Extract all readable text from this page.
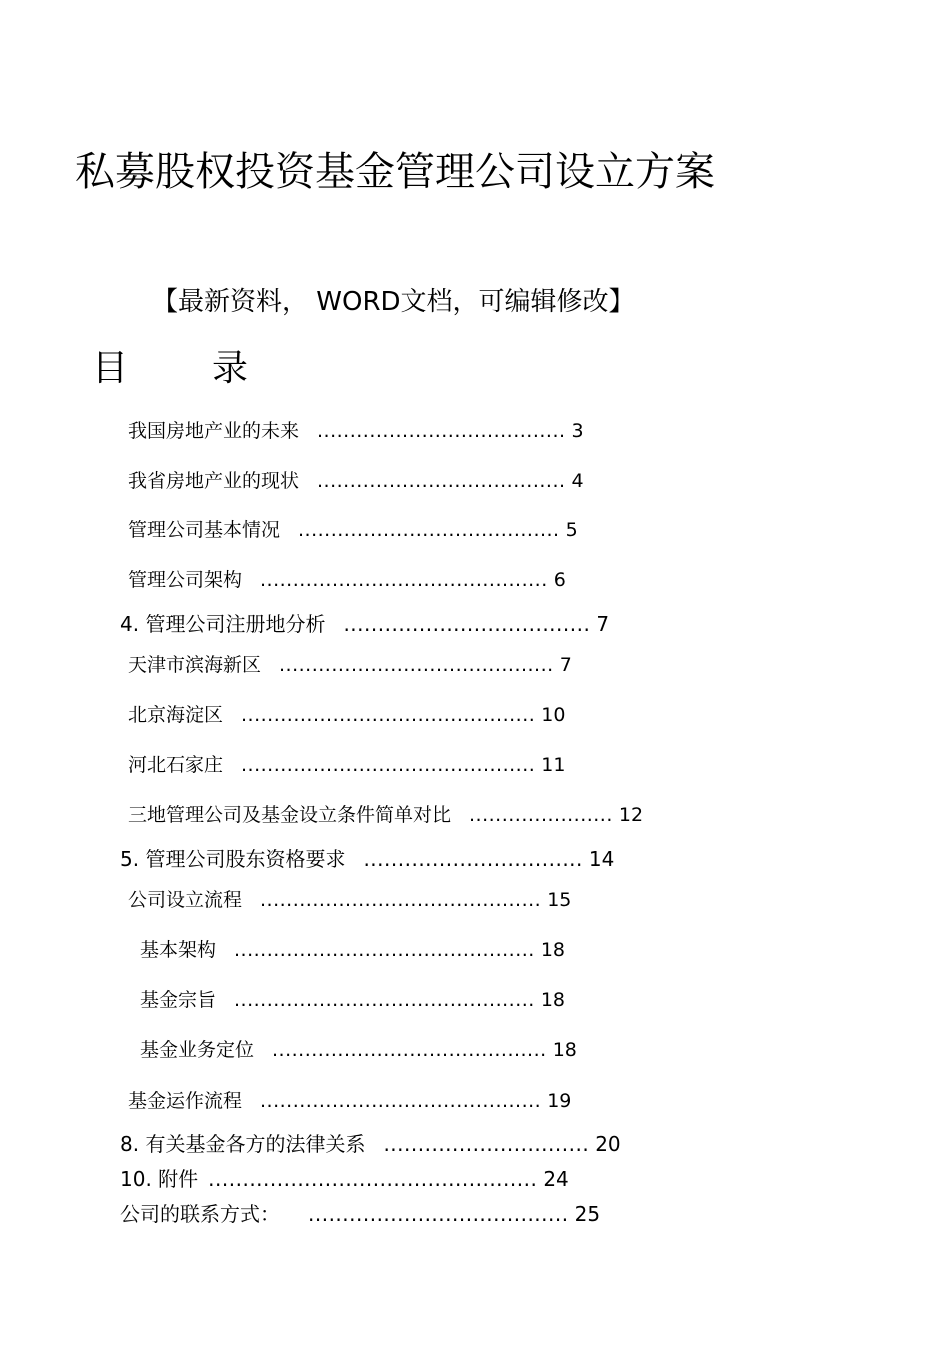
私募股权投资基金管理公司设立方案
【最新资料， WORD文档，可编辑修改】
目 录
我国房地产业的未来 ...................................... 3
我省房地产业的现状 ...................................... 4
管理公司基本情况 ........................................ 5
管理公司架构 ............................................ 6
4. 管理公司注册地分析 .................................... 7
天津市滨海新区 .......................................... 7
北京海淀区 ............................................. 10
河北石家庄 ............................................. 11
三地管理公司及基金设立条件简单对比 ...................... 12
5. 管理公司股东资格要求 ................................ 14
公司设立流程 ........................................... 15
基本架构 .............................................. 18
基金宗旨 .............................................. 18
基金业务定位 .......................................... 18
基金运作流程 ........................................... 19
8. 有关基金各方的法律关系 .............................. 20
10. 附件 ................................................ 24
公司的联系方式： ...................................... 25
